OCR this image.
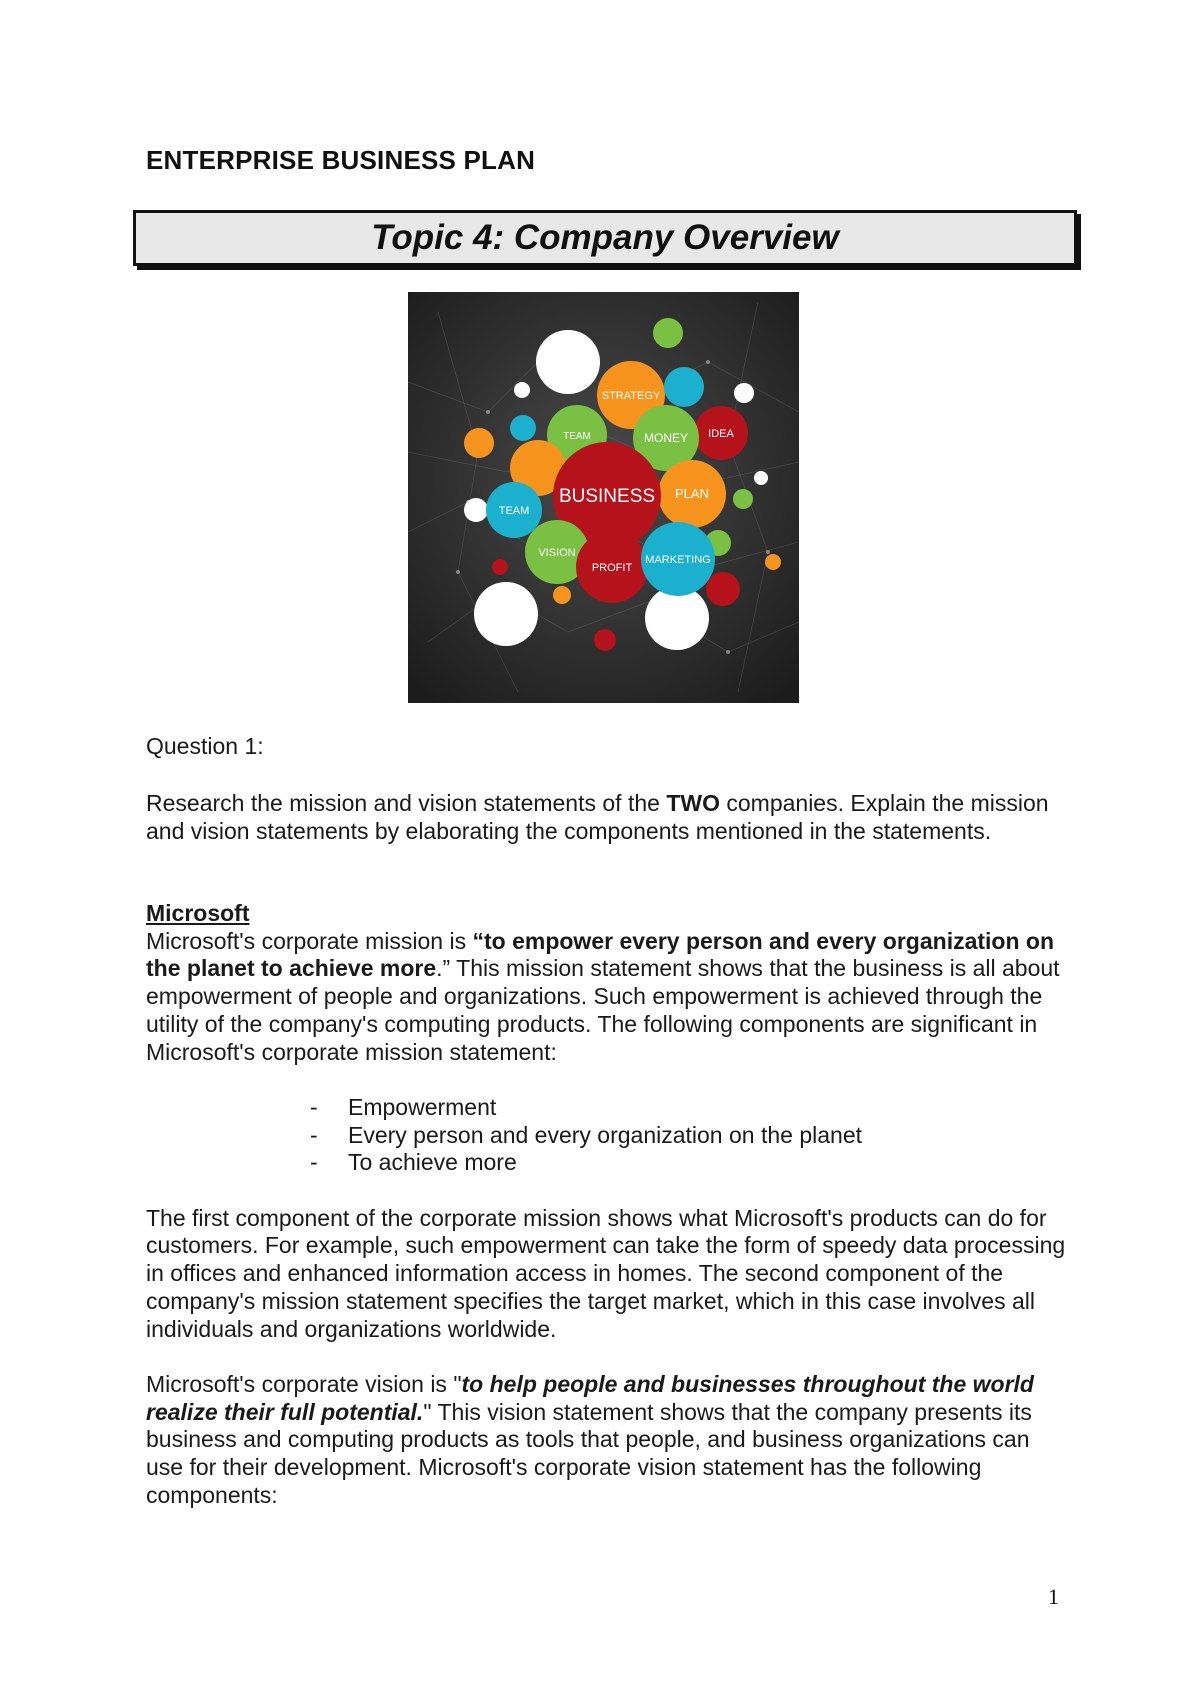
ENTERPRISE BUSINESS PLAN
Topic 4: Company Overview
STRATEGY
IDEA
TEAM	MONEY
PLAN
BUSINESS
TEAM
VISION
PROFIT
MARKETING
Question 1:
Research the mission and vision statements of the TWO companies. Explain the mission and vision statements by elaborating the components mentioned in the statements.

Microsoft

Microsoft's corporate mission is “to empower every person and every organization on the planet to achieve more.” This mission statement shows that the business is all about empowerment of people and organizations. Such empowerment is achieved through the utility of the company's computing products. The following components are significant in Microsoft's corporate mission statement:

- Empowerment
- Every person and every organization on the planet
- To achieve more

The first component of the corporate mission shows what Microsoft's products can do for customers. For example, such empowerment can take the form of speedy data processing in offices and enhanced information access in homes. The second component of the company's mission statement specifies the target market, which in this case involves all individuals and organizations worldwide.

Microsoft's corporate vision is "to help people and businesses throughout the world realize their full potential." This vision statement shows that the company presents its business and computing products as tools that people, and business organizations can use for their development. Microsoft's corporate vision statement has the following components:

1
